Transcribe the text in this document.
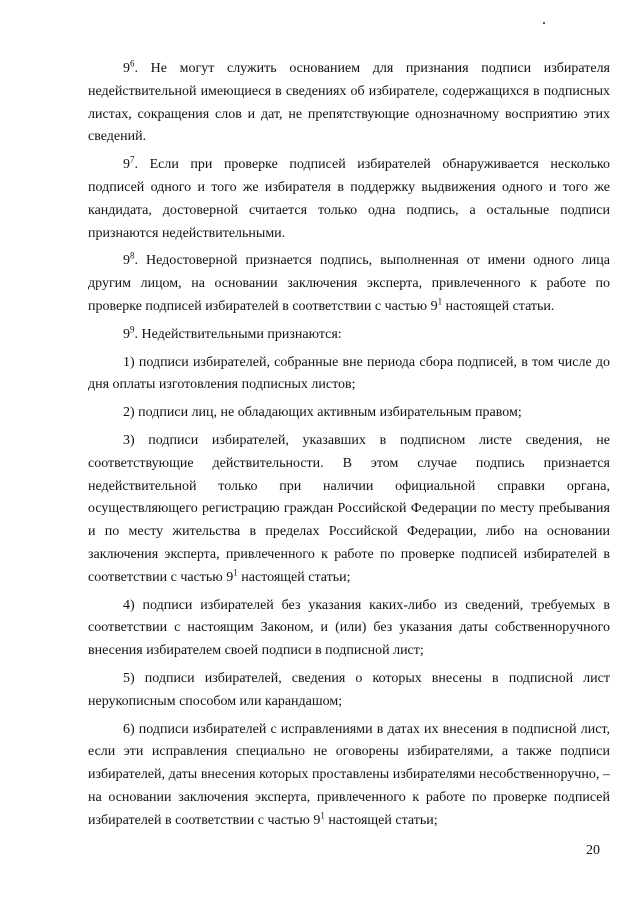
$9^6$. Не могут служить основанием для признания подписи избирателя недействительной имеющиеся в сведениях об избирателе, содержащихся в подписных листах, сокращения слов и дат, не препятствующие однозначному восприятию этих сведений.

$9^7$. Если при проверке подписей избирателей обнаруживается несколько подписей одного и того же избирателя в поддержку выдвижения одного и того же кандидата, достоверной считается только одна подпись, а остальные подписи признаются недействительными.

$9^8$. Недостоверной признается подпись, выполненная от имени одного лица другим лицом, на основании заключения эксперта, привлеченного к работе по проверке подписей избирателей в соответствии с частью $9^1$ настоящей статьи.

$9^9$. Недействительными признаются:

1) подписи избирателей, собранные вне периода сбора подписей, в том числе до дня оплаты изготовления подписных листов;

2) подписи лиц, не обладающих активным избирательным правом;

3) подписи избирателей, указавших в подписном листе сведения, не соответствующие действительности. В этом случае подпись признается недействительной только при наличии официальной справки органа, осуществляющего регистрацию граждан Российской Федерации по месту пребывания и по месту жительства в пределах Российской Федерации, либо на основании заключения эксперта, привлеченного к работе по проверке подписей избирателей в соответствии с частью $9^1$ настоящей статьи;

4) подписи избирателей без указания каких-либо из сведений, требуемых в соответствии с настоящим Законом, и (или) без указания даты собственноручного внесения избирателем своей подписи в подписной лист;

5) подписи избирателей, сведения о которых внесены в подписной лист нерукописным способом или карандашом;

6) подписи избирателей с исправлениями в датах их внесения в подписной лист, если эти исправления специально не оговорены избирателями, а также подписи избирателей, даты внесения которых проставлены избирателями несобственноручно, – на основании заключения эксперта, привлеченного к работе по проверке подписей избирателей в соответствии с частью $9^1$ настоящей статьи;

20
